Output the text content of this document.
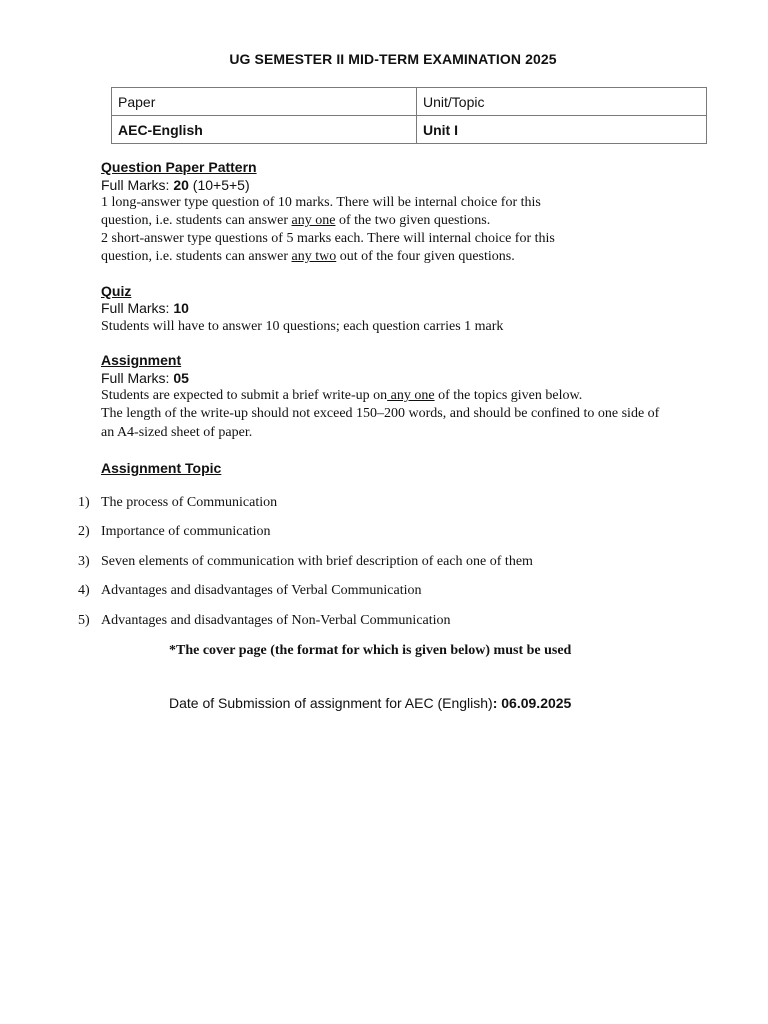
UG SEMESTER II MID-TERM EXAMINATION 2025
Paper	Unit/Topic
AEC-English	Unit I
Question Paper Pattern
Full Marks: 20 (10+5+5)
1 long-answer type question of 10 marks. There will be internal choice for this
question, i.e. students can answer any one of the two given questions.
2 short-answer type questions of 5 marks each. There will internal choice for this
question, i.e. students can answer any two out of the four given questions.
Quiz
Full Marks: 10
Students will have to answer 10 questions; each question carries 1 mark
Assignment
Full Marks: 05
Students are expected to submit a brief write-up on any one of the topics given below.
The length of the write-up should not exceed 150–200 words, and should be confined to one side of
an A4-sized sheet of paper.
Assignment Topic
1) The process of Communication
2) Importance of communication
3) Seven elements of communication with brief description of each one of them
4) Advantages and disadvantages of Verbal Communication
5) Advantages and disadvantages of Non-Verbal Communication
*The cover page (the format for which is given below) must be used
Date of Submission of assignment for AEC (English): 06.09.2025
